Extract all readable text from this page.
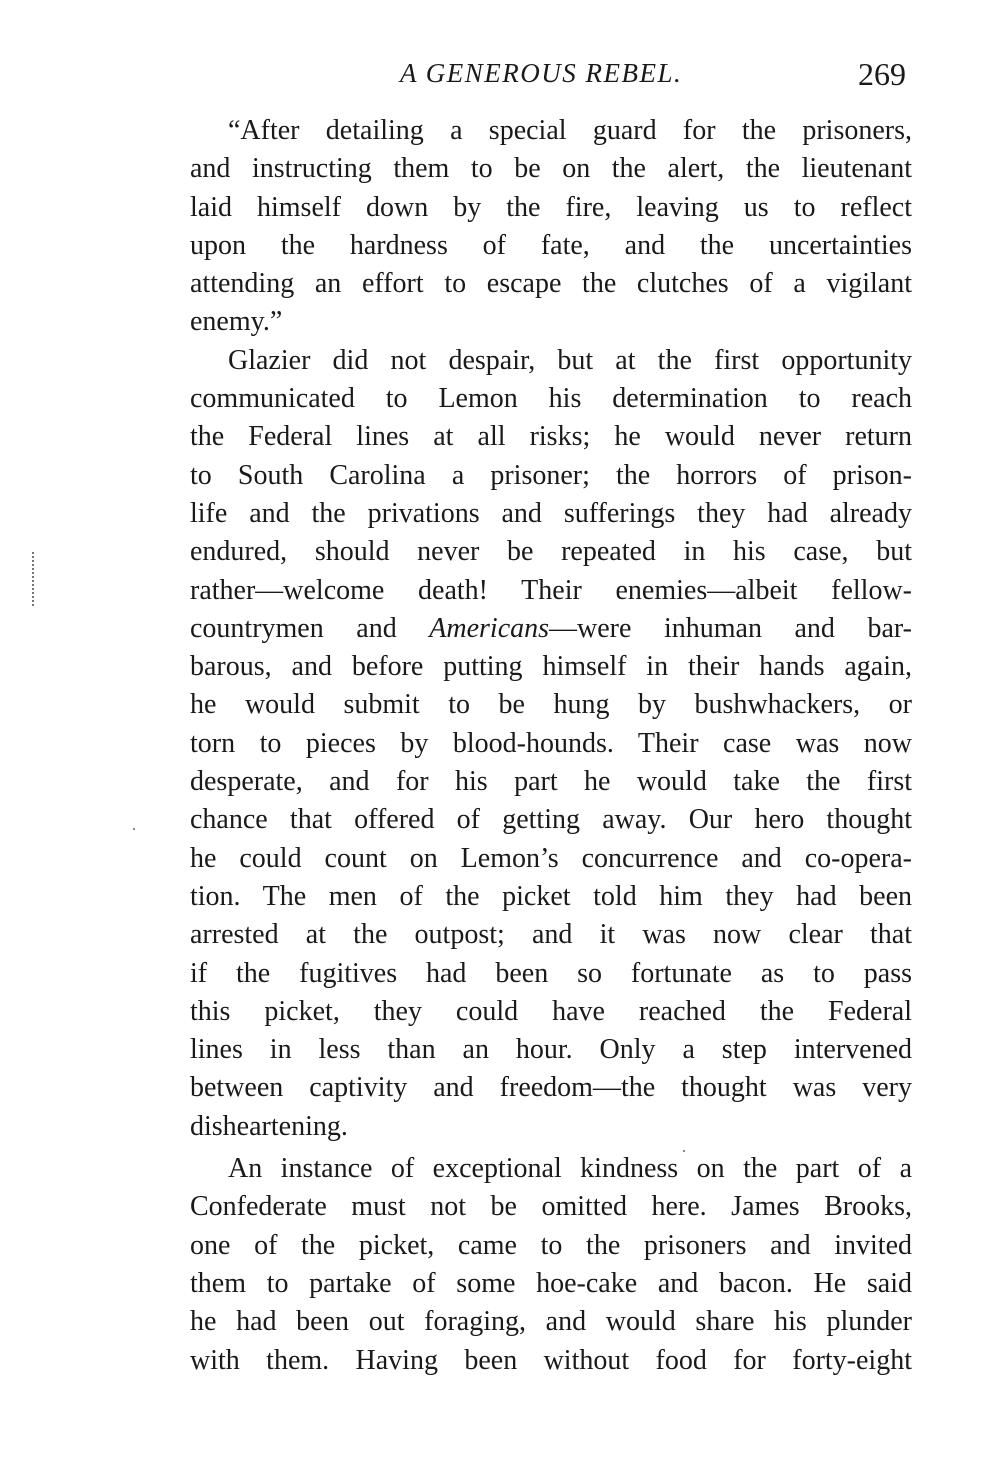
A GENEROUS REBEL.	269
“After detailing a special guard for the prisoners,
and instructing them to be on the alert, the lieutenant
laid himself down by the fire, leaving us to reflect
upon the hardness of fate, and the uncertainties
attending an effort to escape the clutches of a vigilant
enemy.”
Glazier did not despair, but at the first opportunity
communicated to Lemon his determination to reach
the Federal lines at all risks; he would never return
to South Carolina a prisoner; the horrors of prison-
life and the privations and sufferings they had already
endured, should never be repeated in his case, but
rather—welcome death! Their enemies—albeit fellow-
countrymen and Americans—were inhuman and bar-
barous, and before putting himself in their hands again,
he would submit to be hung by bushwhackers, or
torn to pieces by blood-hounds. Their case was now
desperate, and for his part he would take the first
chance that offered of getting away. Our hero thought
he could count on Lemon’s concurrence and co-opera-
tion. The men of the picket told him they had been
arrested at the outpost; and it was now clear that
if the fugitives had been so fortunate as to pass
this picket, they could have reached the Federal
lines in less than an hour. Only a step intervened
between captivity and freedom—the thought was very
disheartening.
An instance of exceptional kindness on the part of a
Confederate must not be omitted here. James Brooks,
one of the picket, came to the prisoners and invited
them to partake of some hoe-cake and bacon. He said
he had been out foraging, and would share his plunder
with them. Having been without food for forty-eight
